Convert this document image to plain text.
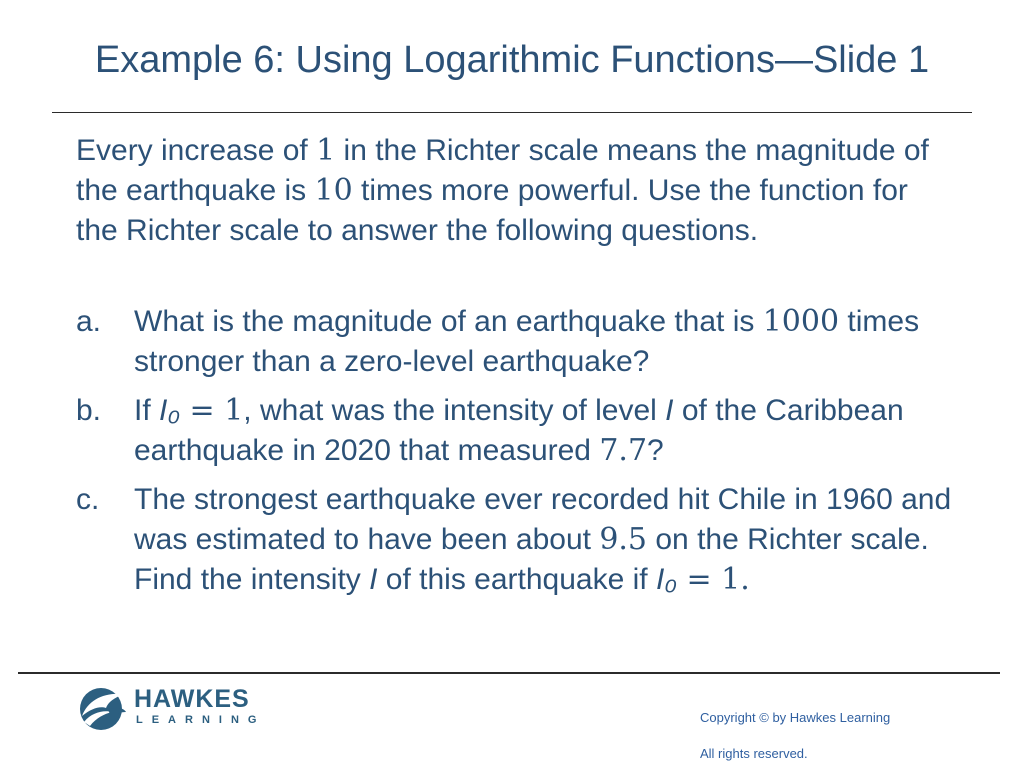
Example 6: Using Logarithmic Functions—Slide 1
Every increase of 1 in the Richter scale means the magnitude of the earthquake is 10 times more powerful. Use the function for the Richter scale to answer the following questions.
a. What is the magnitude of an earthquake that is 1000 times stronger than a zero-level earthquake?
b. If I₀ = 1, what was the intensity of level I of the Caribbean earthquake in 2020 that measured 7.7?
c. The strongest earthquake ever recorded hit Chile in 1960 and was estimated to have been about 9.5 on the Richter scale. Find the intensity I of this earthquake if I₀ = 1.
HAWKES
LEARNING	Copyright © by Hawkes Learning
All rights reserved.
